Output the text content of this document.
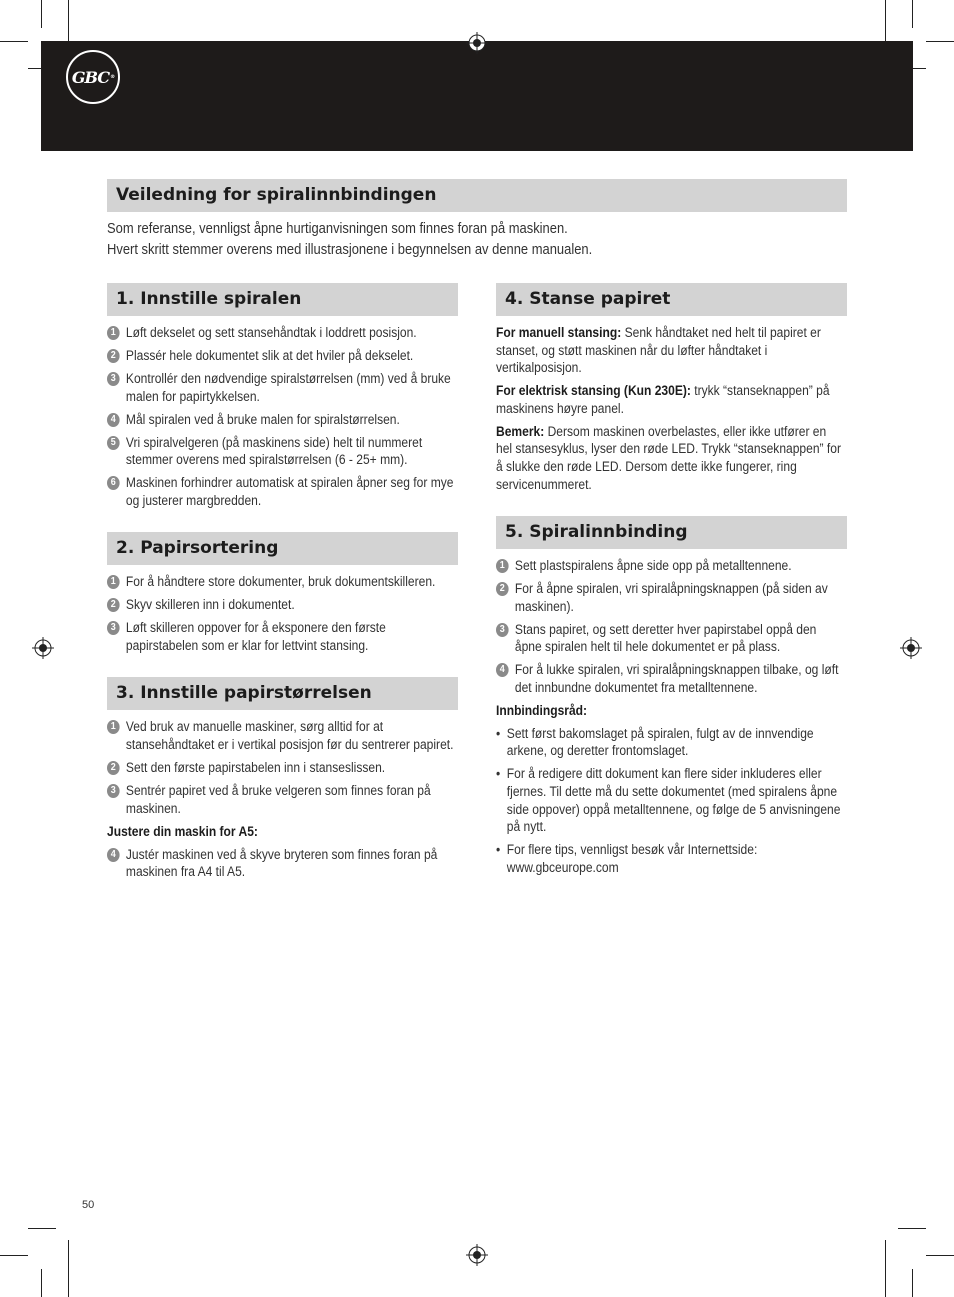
GBC ®
Veiledning for spiralinnbindingen

Som referanse, vennligst åpne hurtiganvisningen som finnes foran på maskinen.

Hvert skritt stemmer overens med illustrasjonene i begynnelsen av denne manualen.

1. Innstille spiralen
1 Løft dekselet og sett stansehåndtak i loddrett posisjon.
2 Plassér hele dokumentet slik at det hviler på dekselet.
3 Kontrollér den nødvendige spiralstørrelsen (mm) ved å bruke malen for papirtykkelsen.
4 Mål spiralen ved å bruke malen for spiralstørrelsen.
5 Vri spiralvelgeren (på maskinens side) helt til nummeret stemmer overens med spiralstørrelsen (6 - 25+ mm).
6 Maskinen forhindrer automatisk at spiralen åpner seg for mye og justerer margbredden.
2. Papirsortering
1 For å håndtere store dokumenter, bruk dokumentskilleren.
2 Skyv skilleren inn i dokumentet.
3 Løft skilleren oppover for å eksponere den første papirstabelen som er klar for lettvint stansing.
3. Innstille papirstørrelsen
1 Ved bruk av manuelle maskiner, sørg alltid for at stansehåndtaket er i vertikal posisjon før du sentrerer papiret.
2 Sett den første papirstabelen inn i stanseslissen.
3 Sentrér papiret ved å bruke velgeren som finnes foran på maskinen.
Justere din maskin for A5:
4 Justér maskinen ved å skyve bryteren som finnes foran på maskinen fra A4 til A5.
4. Stanse papiret

For manuell stansing: Senk håndtaket ned helt til papiret er stanset, og støtt maskinen når du løfter håndtaket i vertikalposisjon.

For elektrisk stansing (Kun 230E): trykk “stanseknappen” på maskinens høyre panel.

Bemerk: Dersom maskinen overbelastes, eller ikke utfører en hel stansesyklus, lyser den røde LED. Trykk “stanseknappen” for å slukke den røde LED. Dersom dette ikke fungerer, ring servicenummeret.

5. Spiralinnbinding
1 Sett plastspiralens åpne side opp på metalltennene.
2 For å åpne spiralen, vri spiralåpningsknappen (på siden av maskinen).
3 Stans papiret, og sett deretter hver papirstabel oppå den åpne spiralen helt til hele dokumentet er på plass.
4 For å lukke spiralen, vri spiralåpningsknappen tilbake, og løft det innbundne dokumentet fra metalltennene.
Innbindingsråd:
• Sett først bakomslaget på spiralen, fulgt av de innvendige arkene, og deretter frontomslaget.
• For å redigere ditt dokument kan flere sider inkluderes eller fjernes. Til dette må du sette dokumentet (med spiralens åpne side oppover) oppå metalltennene, og følge de 5 anvisningene på nytt.
• For flere tips, vennligst besøk vår Internettside: www.gbceurope.com
50
